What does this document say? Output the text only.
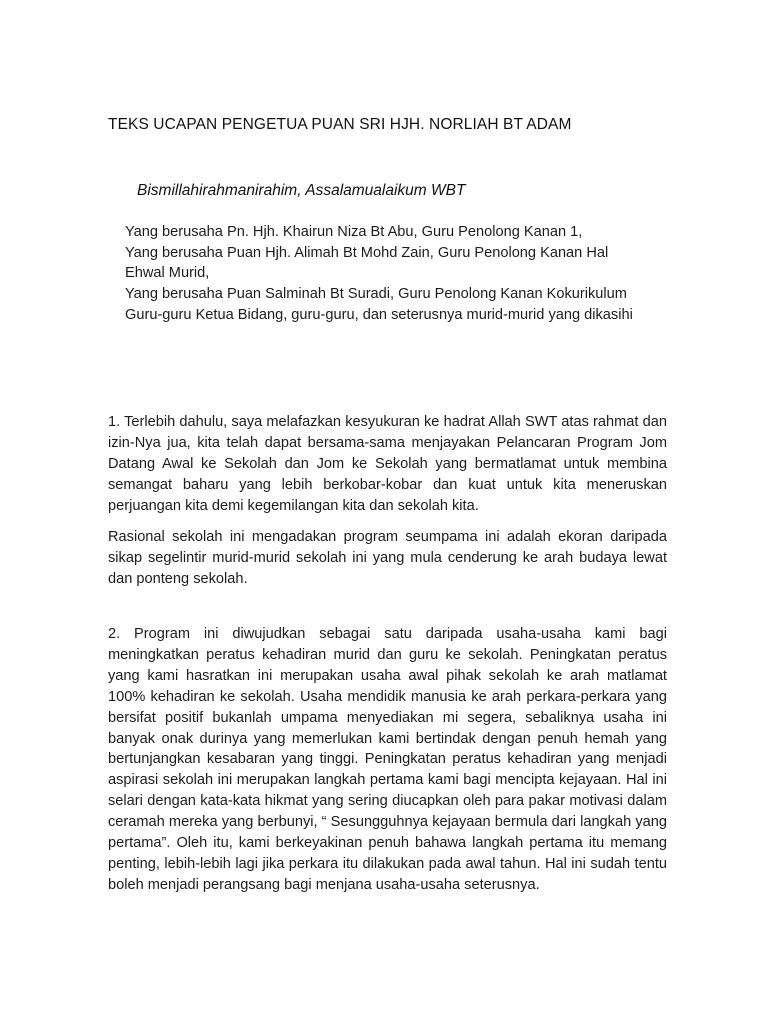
TEKS UCAPAN PENGETUA PUAN SRI HJH. NORLIAH BT ADAM

Bismillahirahmanirahim, Assalamualaikum WBT

Yang berusaha Pn. Hjh. Khairun Niza Bt Abu, Guru Penolong Kanan 1,
Yang berusaha Puan Hjh. Alimah Bt Mohd Zain, Guru Penolong Kanan Hal Ehwal Murid,
Yang berusaha Puan Salminah Bt Suradi, Guru Penolong Kanan Kokurikulum
Guru-guru Ketua Bidang, guru-guru, dan seterusnya murid-murid yang dikasihi

1. Terlebih dahulu, saya melafazkan kesyukuran ke hadrat Allah SWT atas rahmat dan izin-Nya jua, kita telah dapat bersama-sama menjayakan Pelancaran Program Jom Datang Awal ke Sekolah dan Jom ke Sekolah yang bermatlamat untuk membina semangat baharu yang lebih berkobar-kobar dan kuat untuk kita meneruskan perjuangan kita demi kegemilangan kita dan sekolah kita.

Rasional sekolah ini mengadakan program seumpama ini adalah ekoran daripada sikap segelintir murid-murid sekolah ini yang mula cenderung ke arah budaya lewat dan ponteng sekolah.

2. Program ini diwujudkan sebagai satu daripada usaha-usaha kami bagi meningkatkan peratus kehadiran murid dan guru ke sekolah. Peningkatan peratus yang kami hasratkan ini merupakan usaha awal pihak sekolah ke arah matlamat 100% kehadiran ke sekolah. Usaha mendidik manusia ke arah perkara-perkara yang bersifat positif bukanlah umpama menyediakan mi segera, sebaliknya usaha ini banyak onak durinya yang memerlukan kami bertindak dengan penuh hemah yang bertunjangkan kesabaran yang tinggi. Peningkatan peratus kehadiran yang menjadi aspirasi sekolah ini merupakan langkah pertama kami bagi mencipta kejayaan. Hal ini selari dengan kata-kata hikmat yang sering diucapkan oleh para pakar motivasi dalam ceramah mereka yang berbunyi, “ Sesungguhnya kejayaan bermula dari langkah yang pertama”. Oleh itu, kami berkeyakinan penuh bahawa langkah pertama itu memang penting, lebih-lebih lagi jika perkara itu dilakukan pada awal tahun. Hal ini sudah tentu boleh menjadi perangsang bagi menjana usaha-usaha seterusnya.
